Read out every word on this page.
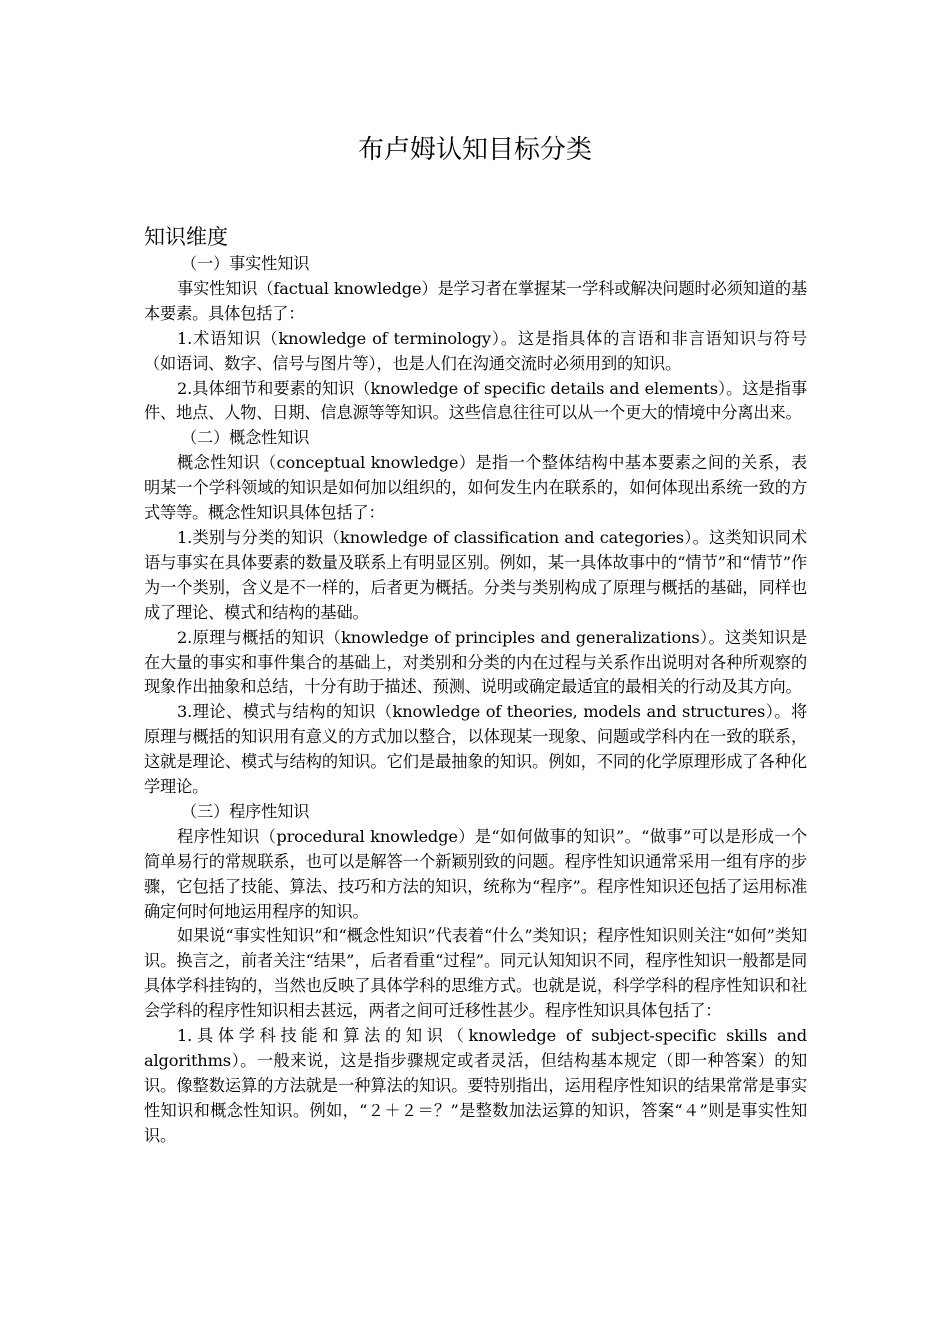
布卢姆认知目标分类
知识维度

（一）事实性知识

事实性知识（factual knowledge）是学习者在掌握某一学科或解决问题时必须知道的基本要素。具体包括了：

1.术语知识（knowledge of terminology）。这是指具体的言语和非言语知识与符号（如语词、数字、信号与图片等），也是人们在沟通交流时必须用到的知识。

2.具体细节和要素的知识（knowledge of specific details and elements）。这是指事件、地点、人物、日期、信息源等等知识。这些信息往往可以从一个更大的情境中分离出来。

（二）概念性知识

概念性知识（conceptual knowledge）是指一个整体结构中基本要素之间的关系，表明某一个学科领域的知识是如何加以组织的，如何发生内在联系的，如何体现出系统一致的方式等等。概念性知识具体包括了：

1.类别与分类的知识（knowledge of classification and categories）。这类知识同术语与事实在具体要素的数量及联系上有明显区别。例如，某一具体故事中的“情节”和“情节”作为一个类别，含义是不一样的，后者更为概括。分类与类别构成了原理与概括的基础，同样也成了理论、模式和结构的基础。

2.原理与概括的知识（knowledge of principles and generalizations）。这类知识是在大量的事实和事件集合的基础上，对类别和分类的内在过程与关系作出说明对各种所观察的现象作出抽象和总结，十分有助于描述、预测、说明或确定最适宜的最相关的行动及其方向。

3.理论、模式与结构的知识（knowledge of theories, models and structures）。将原理与概括的知识用有意义的方式加以整合，以体现某一现象、问题或学科内在一致的联系，这就是理论、模式与结构的知识。它们是最抽象的知识。例如，不同的化学原理形成了各种化学理论。

（三）程序性知识

程序性知识（procedural knowledge）是“如何做事的知识”。“做事”可以是形成一个简单易行的常规联系，也可以是解答一个新颖别致的问题。程序性知识通常采用一组有序的步骤，它包括了技能、算法、技巧和方法的知识，统称为“程序”。程序性知识还包括了运用标准确定何时何地运用程序的知识。

如果说“事实性知识”和“概念性知识”代表着“什么”类知识；程序性知识则关注“如何”类知识。换言之，前者关注“结果”，后者看重“过程”。同元认知知识不同，程序性知识一般都是同具体学科挂钩的，当然也反映了具体学科的思维方式。也就是说，科学学科的程序性知识和社会学科的程序性知识相去甚远，两者之间可迁移性甚少。程序性知识具体包括了：

1.具体学科技能和算法的知识（knowledge of subject-specific skills and algorithms）。一般来说，这是指步骤规定或者灵活，但结构基本规定（即一种答案）的知识。像整数运算的方法就是一种算法的知识。要特别指出，运用程序性知识的结果常常是事实性知识和概念性知识。例如，“２＋２＝？”是整数加法运算的知识，答案“４”则是事实性知识。
